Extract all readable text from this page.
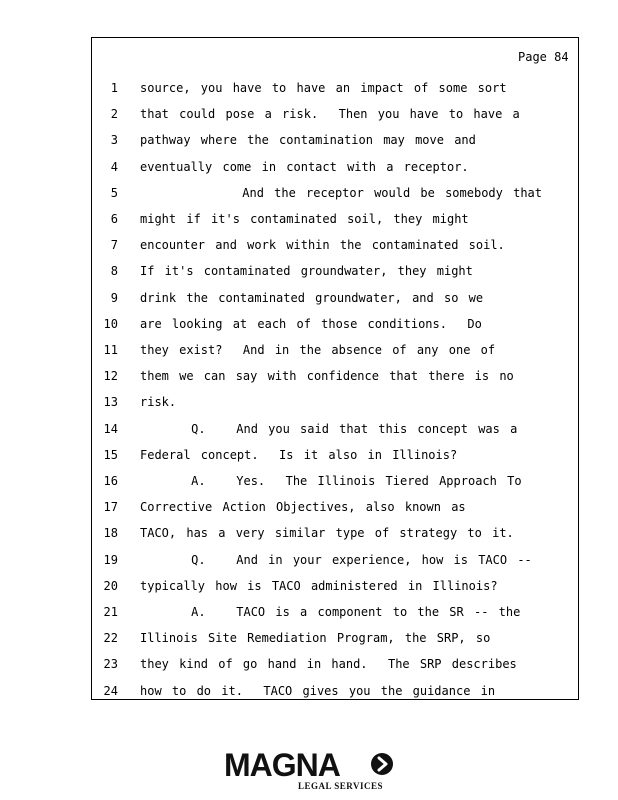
Page 84
1 source, you have to have an impact of some sort
2 that could pose a risk.  Then you have to have a
3 pathway where the contamination may move and
4 eventually come in contact with a receptor.
5 And the receptor would be somebody that
6 might if it's contaminated soil, they might
7 encounter and work within the contaminated soil.
8 If it's contaminated groundwater, they might
9 drink the contaminated groundwater, and so we
10 are looking at each of those conditions.  Do
11 they exist?  And in the absence of any one of
12 them we can say with confidence that there is no
13 risk.
14 Q.   And you said that this concept was a
15 Federal concept.  Is it also in Illinois?
16 A.   Yes.  The Illinois Tiered Approach To
17 Corrective Action Objectives, also known as
18 TACO, has a very similar type of strategy to it.
19 Q.   And in your experience, how is TACO --
20 typically how is TACO administered in Illinois?
21 A.   TACO is a component to the SR -- the
22 Illinois Site Remediation Program, the SRP, so
23 they kind of go hand in hand.  The SRP describes
24 how to do it.  TACO gives you the guidance in
MAGNA
LEGAL SERVICES
